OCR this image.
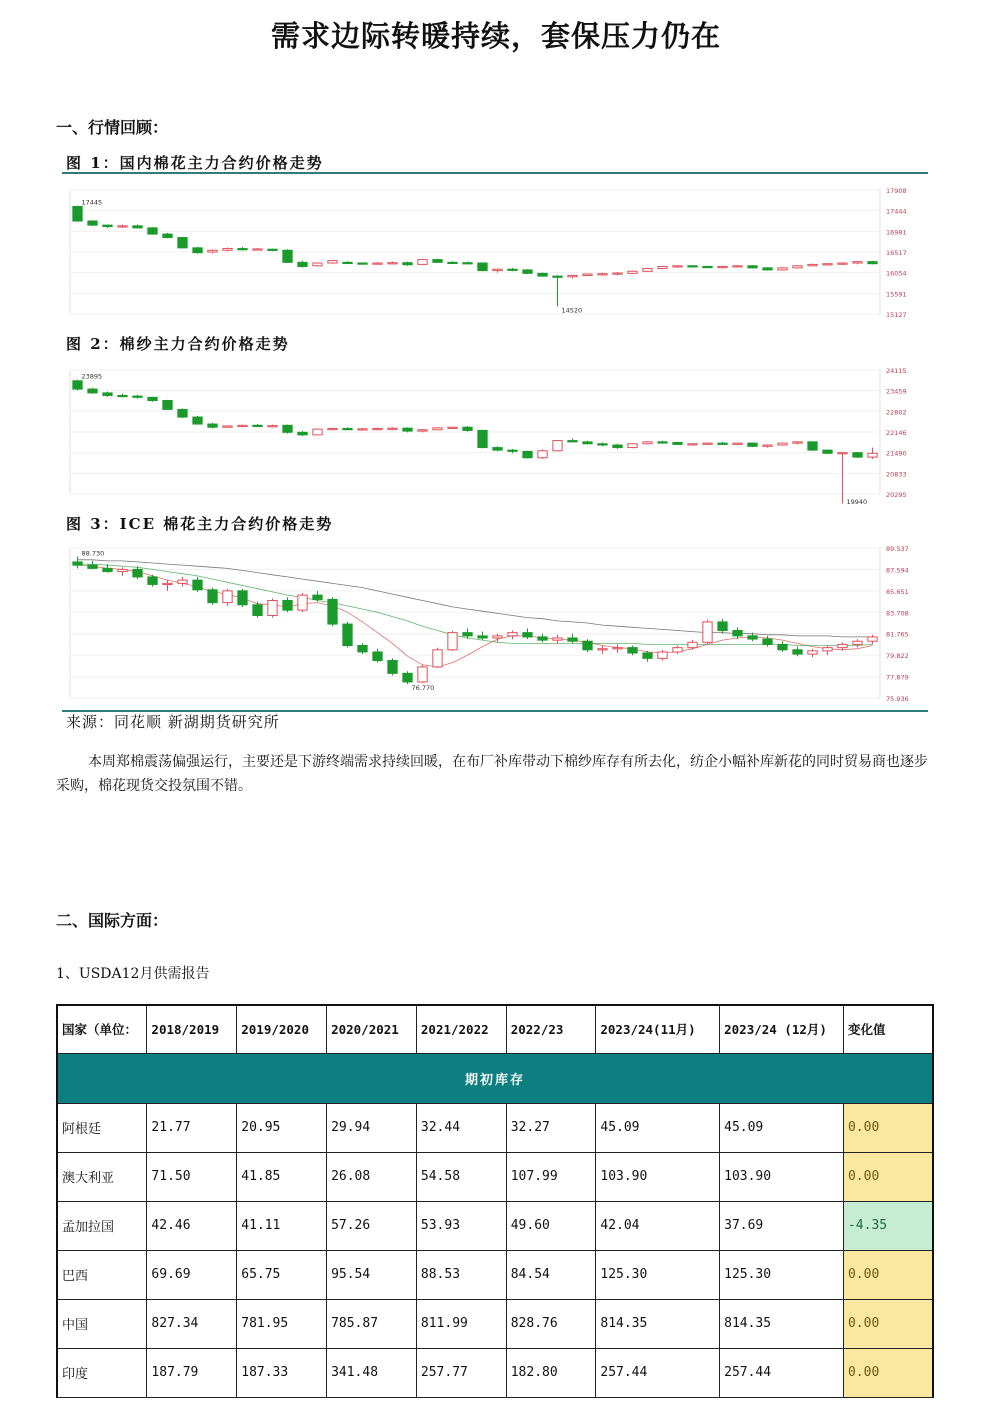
需求边际转暖持续，套保压力仍在
一、行情回顾：
图 1：国内棉花主力合约价格走势
17908
17444
16981
16517
16054
15591
15127
17445
14520
图 2：棉纱主力合约价格走势
24115
23459
22802
22146
21490
20833
20295
23895
19940
图 3：ICE 棉花主力合约价格走势
89.537
87.594
85.651
83.708
81.765
79.822
77.879
75.936
88.730
76.770
来源：同花顺 新湖期货研究所

本周郑棉震荡偏强运行，主要还是下游终端需求持续回暖，在布厂补库带动下棉纱库存有所去化，纺企小幅补库新花的同时贸易商也逐步采购，棉花现货交投氛围不错。

二、国际方面：
1、USDA12月供需报告
国家（单位：	2018/2019	2019/2020	2020/2021	2021/2022	2022/23	2023/24(11月)	2023/24 (12月)	变化值
期初库存								
阿根廷	21.77	20.95	29.94	32.44	32.27	45.09	45.09	0.00
澳大利亚	71.50	41.85	26.08	54.58	107.99	103.90	103.90	0.00
孟加拉国	42.46	41.11	57.26	53.93	49.60	42.04	37.69	-4.35
巴西	69.69	65.75	95.54	88.53	84.54	125.30	125.30	0.00
中国	827.34	781.95	785.87	811.99	828.76	814.35	814.35	0.00
印度	187.79	187.33	341.48	257.77	182.80	257.44	257.44	0.00
